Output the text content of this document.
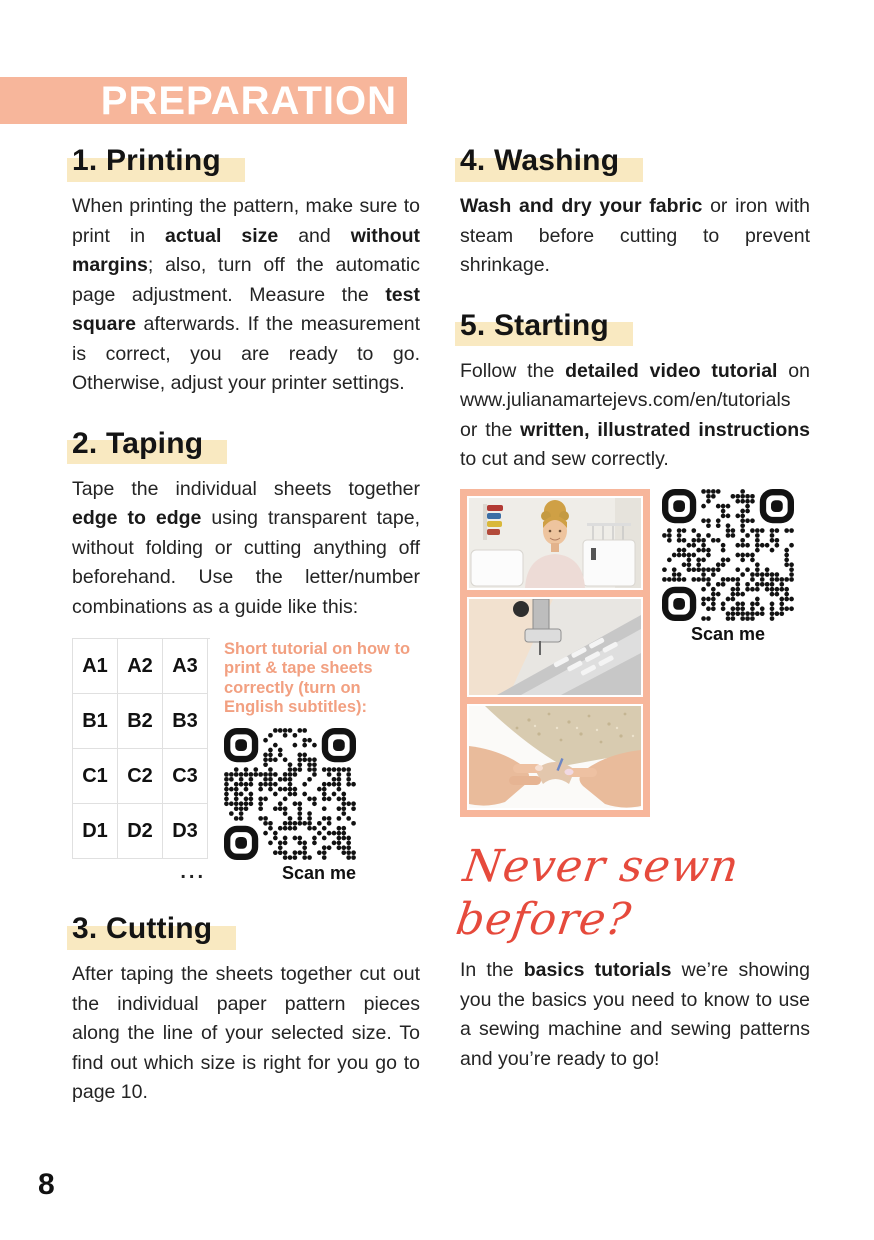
PREPARATION
1. Printing

When printing the pattern, make sure to print in actual size and without margins; also, turn off the automatic page adjustment. Measure the test square afterwards. If the measurement is correct, you are ready to go. Otherwise, adjust your printer settings.

2. Taping

Tape the individual sheets together edge to edge using transparent tape, without folding or cutting anything off beforehand. Use the letter/number combinations as a guide like this:

A1 A2 A3
B1 B2 B3
C1 C2 C3
D1 D2 D3
...
Short tutorial on how to print & tape sheets correctly (turn on English subtitles):
Scan me
3. Cutting

After taping the sheets together cut out the individual paper pattern pieces along the line of your selected size. To find out which size is right for you go to page 10.

4. Washing

Wash and dry your fabric or iron with steam before cutting to prevent shrinkage.

5. Starting

Follow the detailed video tutorial on www.julianamartejevs.com/en/tutorials or the written, illustrated instructions to cut and sew correctly.

Scan me
Never sewn before?

In the basics tutorials we’re showing you the basics you need to know to use a sewing machine and sewing patterns and you’re ready to go!

8
